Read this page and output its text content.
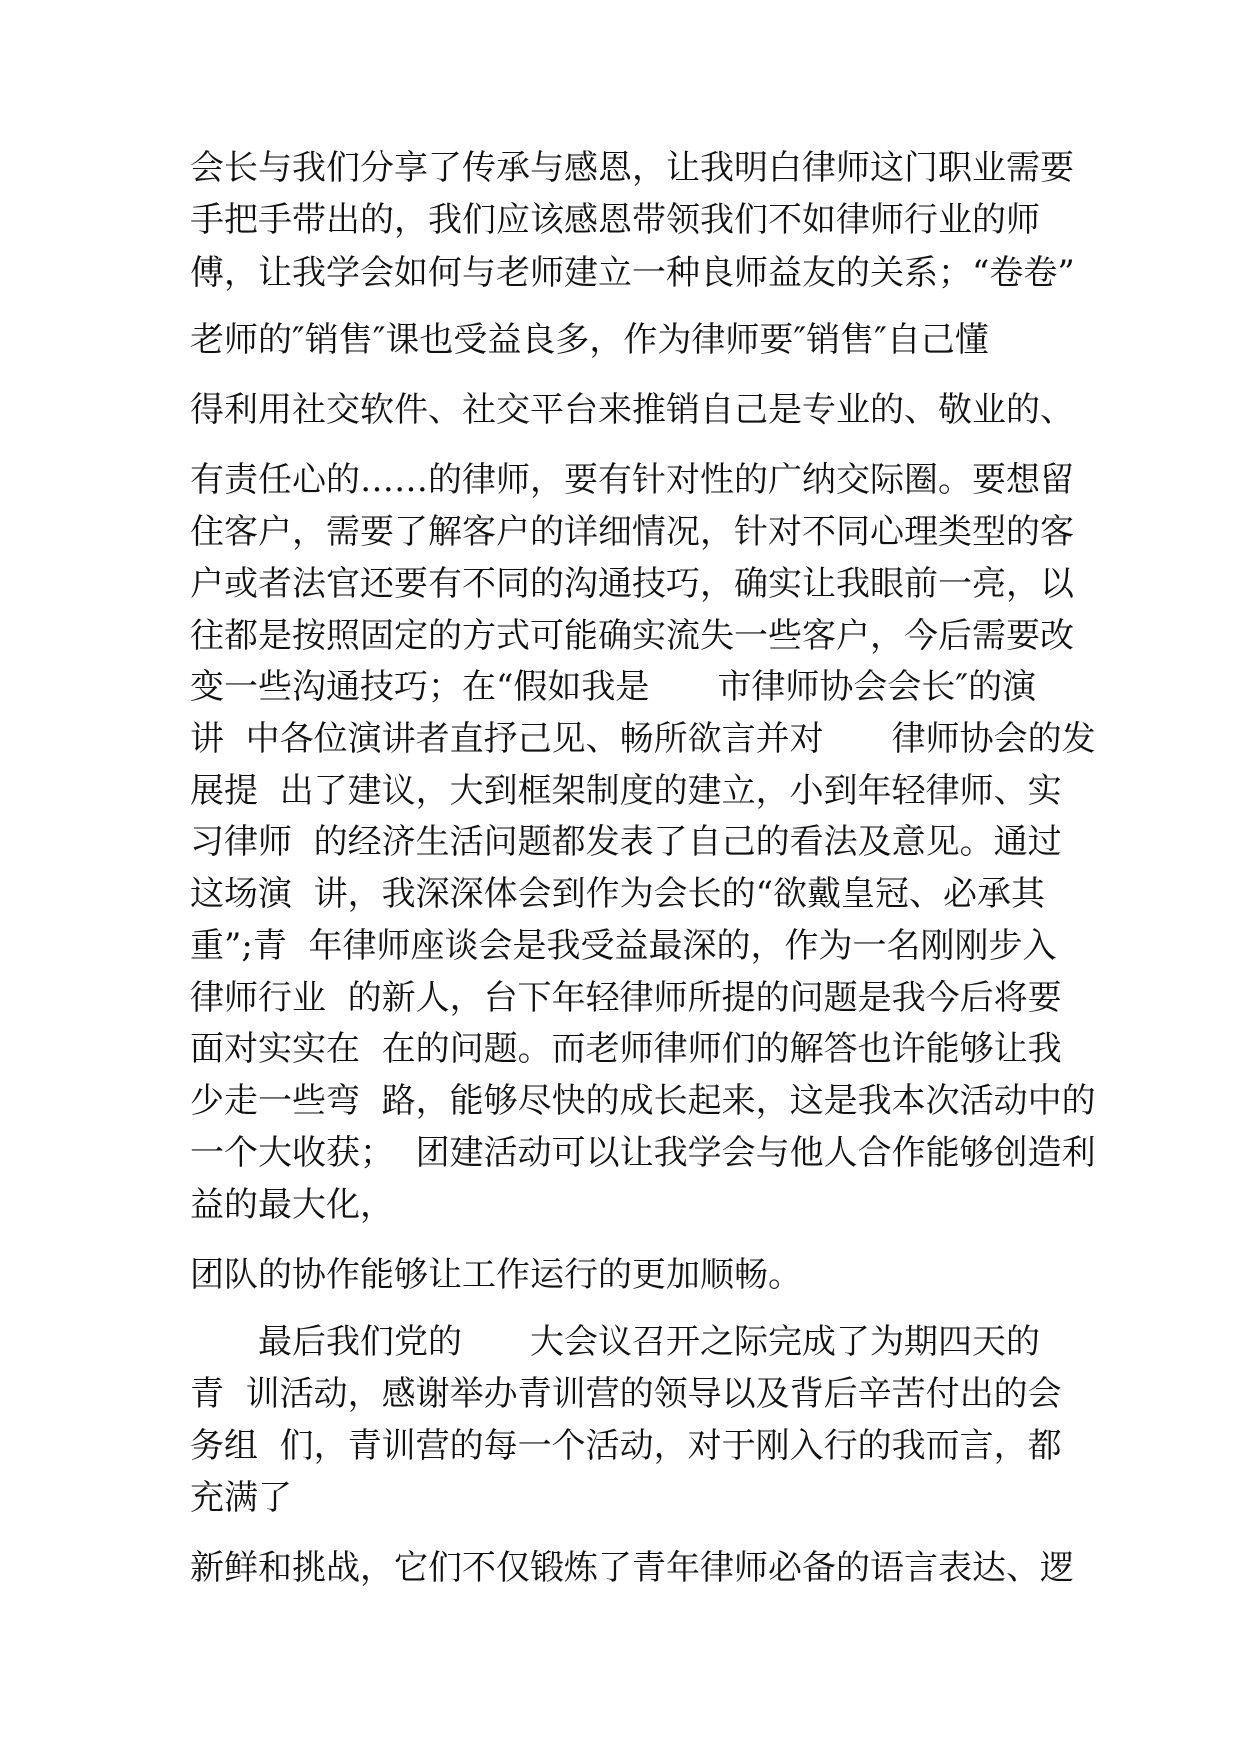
会长与我们分享了传承与感恩，让我明白律师这门职业需要

手把手带出的，我们应该感恩带领我们不如律师行业的师

傅，让我学会如何与老师建立一种良师益友的关系；“卷卷”

老师的″销售″课也受益良多，作为律师要″销售″自己懂

得利用社交软件、社交平台来推销自己是专业的、敬业的、

有责任心的……的律师，要有针对性的广纳交际圈。要想留

住客户，需要了解客户的详细情况，针对不同心理类型的客

户或者法官还要有不同的沟通技巧，确实让我眼前一亮，以

往都是按照固定的方式可能确实流失一些客户，今后需要改

变一些沟通技巧；在“假如我是　　市律师协会会长″的演

讲  中各位演讲者直抒己见、畅所欲言并对　　律师协会的发

展提  出了建议，大到框架制度的建立，小到年轻律师、实

习律师  的经济生活问题都发表了自己的看法及意见。通过

这场演  讲，我深深体会到作为会长的“欲戴皇冠、必承其

重”;青  年律师座谈会是我受益最深的，作为一名刚刚步入

律师行业  的新人，台下年轻律师所提的问题是我今后将要

面对实实在  在的问题。而老师律师们的解答也许能够让我

少走一些弯  路，能够尽快的成长起来，这是我本次活动中的

一个大收获；  团建活动可以让我学会与他人合作能够创造利

益的最大化，

团队的协作能够让工作运行的更加顺畅。

　　最后我们党的　　大会议召开之际完成了为期四天的

青  训活动，感谢举办青训营的领导以及背后辛苦付出的会

务组  们，青训营的每一个活动，对于刚入行的我而言，都

充满了

新鲜和挑战，它们不仅锻炼了青年律师必备的语言表达、逻
